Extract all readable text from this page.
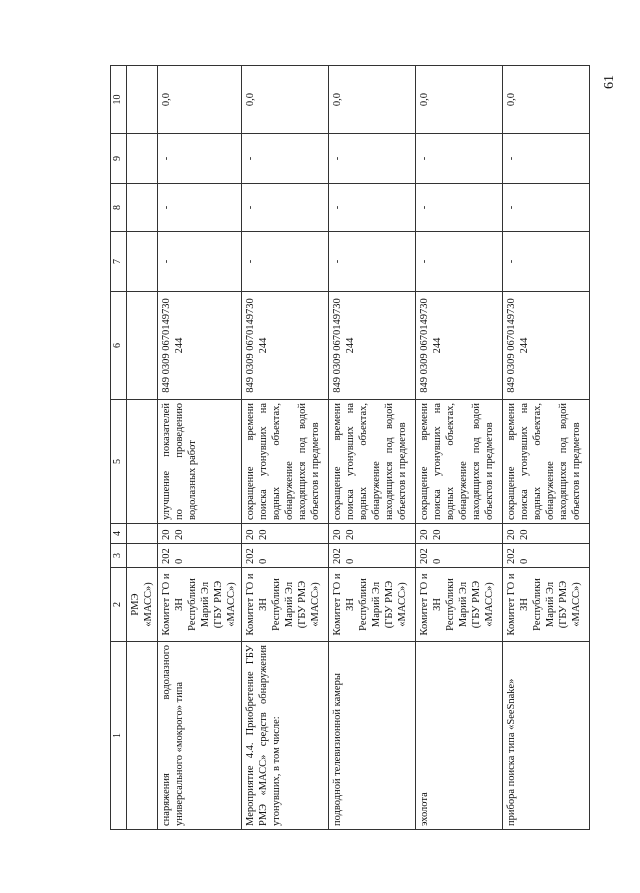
61
1	2	3	4	5	6	7	8	9	10
	РМЭ «МАСС»)								
снаряжения водолазного универсального «мокрого» типа	Комитет ГО и ЗН Республики Марий Эл (ГБУ РМЭ «МАСС»)	2020	2020	улучшение показателей по проведению водолазных работ	849 0309 0670149730 244	-	-	-	0,0
Мероприятие 4.4. Приобретение ГБУ РМЭ «МАСС» средств обнаружения утонувших, в том числе:	Комитет ГО и ЗН Республики Марий Эл (ГБУ РМЭ «МАСС»)	2020	2020	сокращение времени поиска утонувших на водных объектах, обнаружение находящихся под водой объектов и предметов	849 0309 0670149730 244	-	-	-	0,0
подводной телевизионной камеры	Комитет ГО и ЗН Республики Марий Эл (ГБУ РМЭ «МАСС»)	2020	2020	сокращение времени поиска утонувших на водных объектах, обнаружение находящихся под водой объектов и предметов	849 0309 0670149730 244	-	-	-	0,0
эхолота	Комитет ГО и ЗН Республики Марий Эл (ГБУ РМЭ «МАСС»)	2020	2020	сокращение времени поиска утонувших на водных объектах, обнаружение находящихся под водой объектов и предметов	849 0309 0670149730 244	-	-	-	0,0
прибора поиска типа «SeeSnake»	Комитет ГО и ЗН Республики Марий Эл (ГБУ РМЭ «МАСС»)	2020	2020	сокращение времени поиска утонувших на водных объектах, обнаружение находящихся под водой объектов и предметов	849 0309 0670149730 244	-	-	-	0,0
